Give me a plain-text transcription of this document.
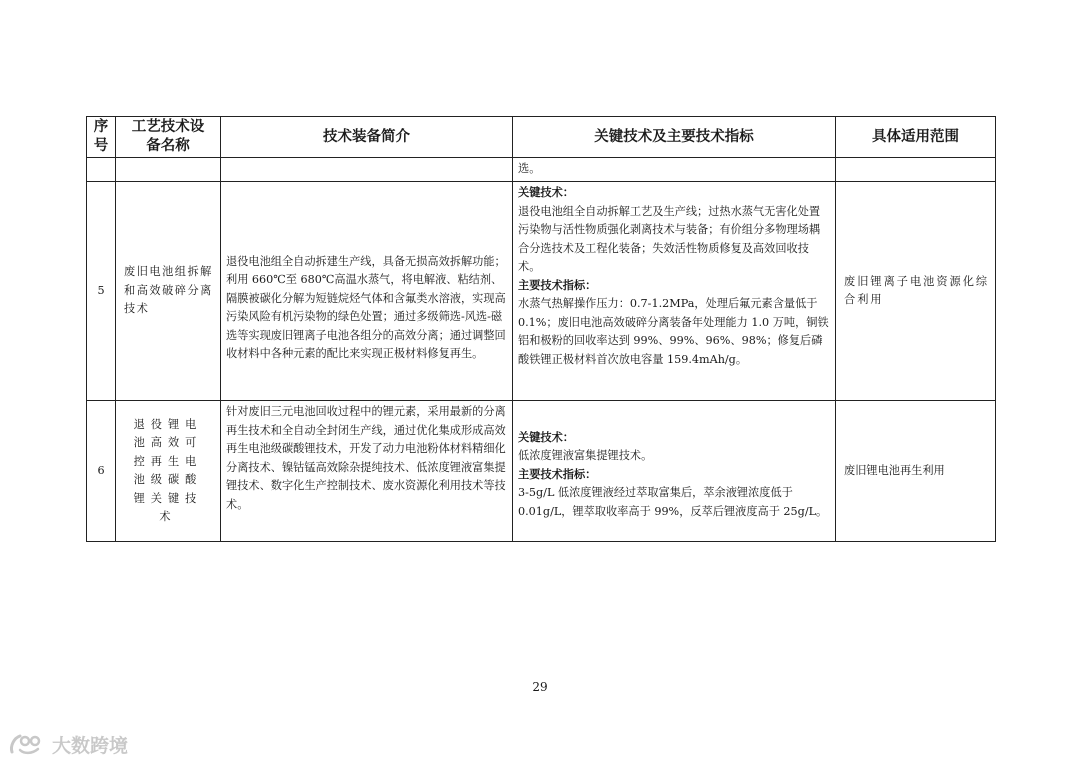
序号	工艺技术设备名称	技术装备简介	关键技术及主要技术指标	具体适用范围
			选。	
5	废旧电池组拆解和高效破碎分离技术	退役电池组全自动拆建生产线，具备无损高效拆解功能；利用 660℃至 680℃高温水蒸气，将电解液、粘结剂、隔膜被碳化分解为短链烷烃气体和含氟类水溶液，实现高污染风险有机污染物的绿色处置；通过多级筛选-风选-磁选等实现废旧锂离子电池各组分的高效分离；通过调整回收材料中各种元素的配比来实现正极材料修复再生。	关键技术：
退役电池组全自动拆解工艺及生产线；过热水蒸气无害化处置污染物与活性物质强化剥离技术与装备；有价组分多物理场耦合分选技术及工程化装备；失效活性物质修复及高效回收技术。
主要技术指标：
水蒸气热解操作压力：0.7-1.2MPa，处理后氟元素含量低于 0.1%；废旧电池高效破碎分离装备年处理能力 1.0 万吨，铜铁铝和极粉的回收率达到 99%、99%、96%、98%；修复后磷酸铁锂正极材料首次放电容量 159.4mAh/g。	废旧锂离子电池资源化综合利用
6	退役锂电池高效可控再生电池级碳酸锂关键技术	针对废旧三元电池回收过程中的锂元素，采用最新的分离再生技术和全自动全封闭生产线，通过优化集成形成高效再生电池级碳酸锂技术，开发了动力电池粉体材料精细化分离技术、镍钴锰高效除杂提纯技术、低浓度锂液富集提锂技术、数字化生产控制技术、废水资源化利用技术等技术。	关键技术：
低浓度锂液富集提锂技术。
主要技术指标：
3-5g/L 低浓度锂液经过萃取富集后，萃余液锂浓度低于 0.01g/L，锂萃取收率高于 99%，反萃后锂液度高于 25g/L。	废旧锂电池再生利用
29
大数跨境
